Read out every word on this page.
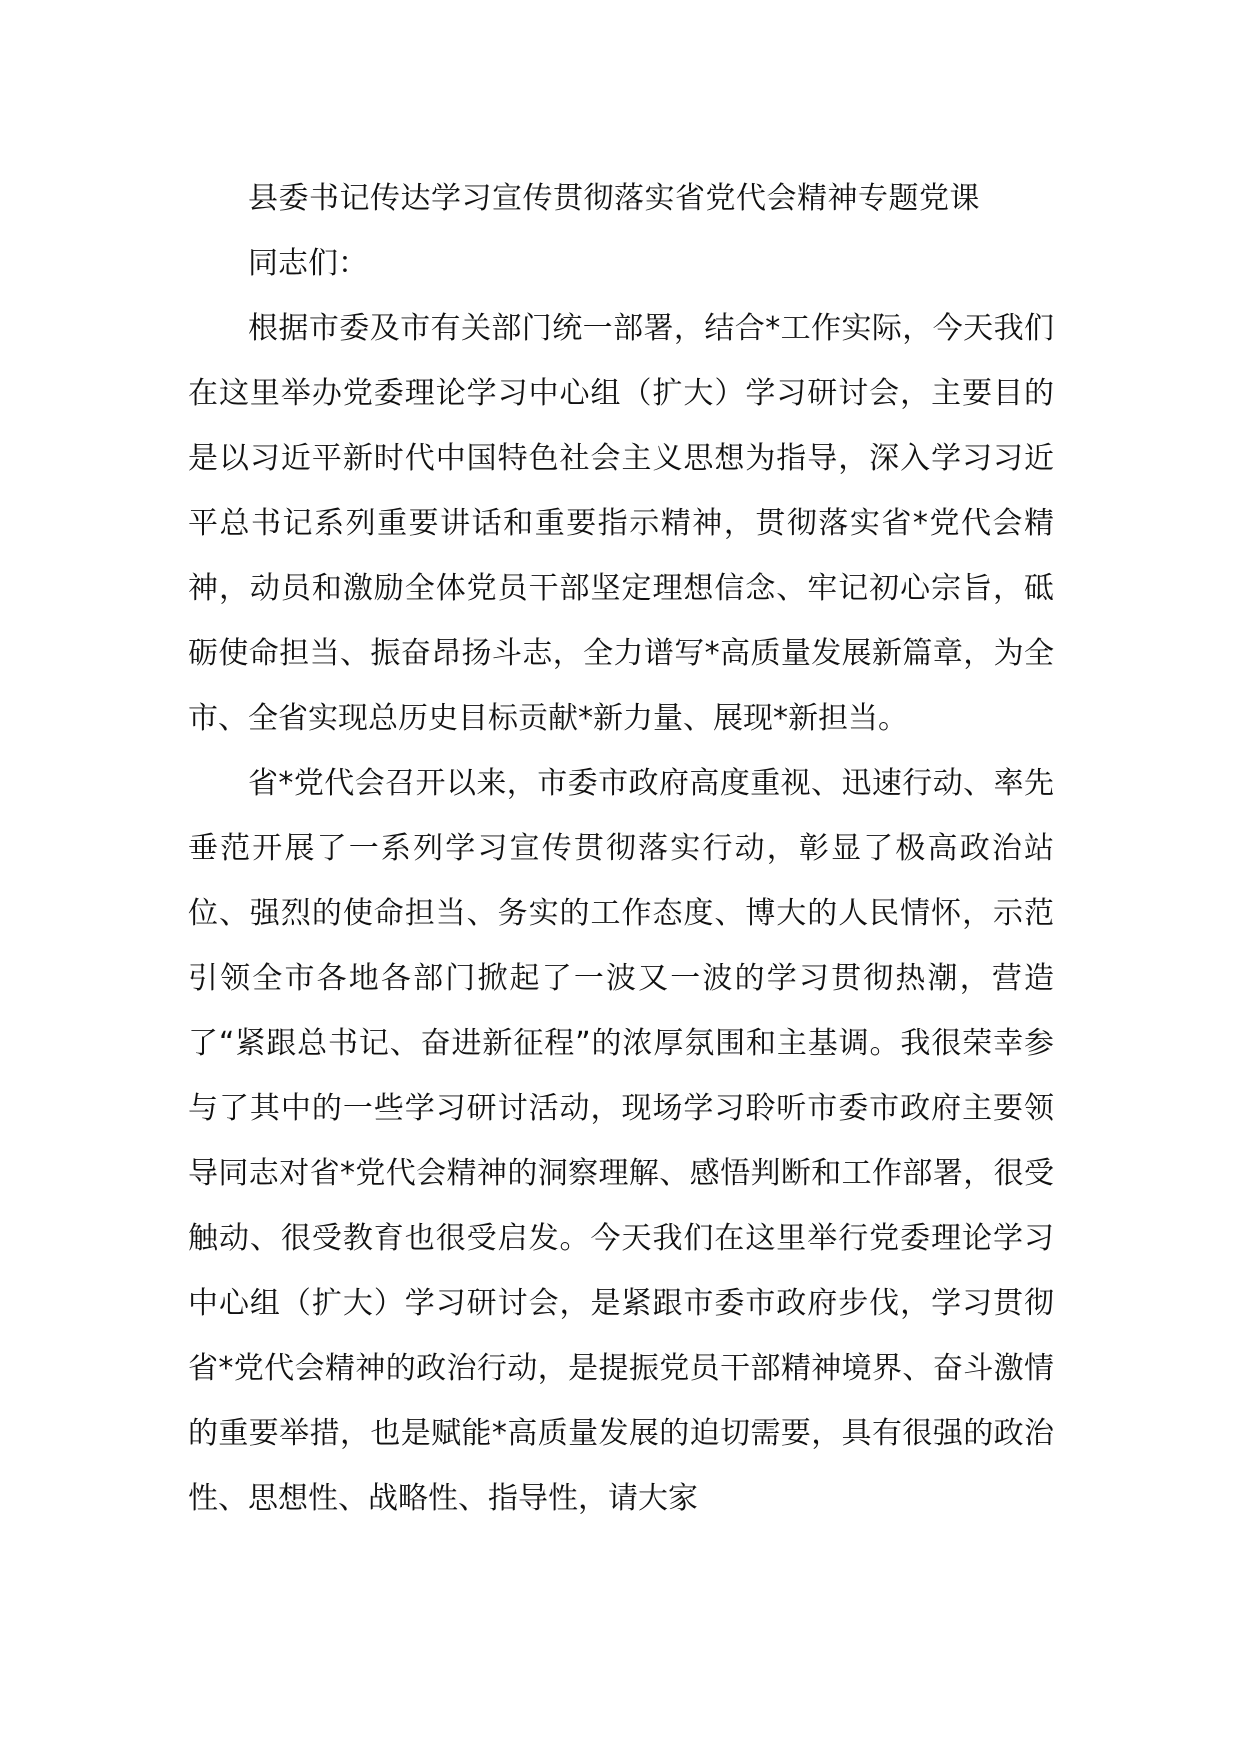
县委书记传达学习宣传贯彻落实省党代会精神专题党课

同志们：

根据市委及市有关部门统一部署，结合*工作实际，今天我们在这里举办党委理论学习中心组（扩大）学习研讨会，主要目的是以习近平新时代中国特色社会主义思想为指导，深入学习习近平总书记系列重要讲话和重要指示精神，贯彻落实省*党代会精神，动员和激励全体党员干部坚定理想信念、牢记初心宗旨，砥砺使命担当、振奋昂扬斗志，全力谱写*高质量发展新篇章，为全市、全省实现总历史目标贡献*新力量、展现*新担当。

省*党代会召开以来，市委市政府高度重视、迅速行动、率先垂范开展了一系列学习宣传贯彻落实行动，彰显了极高政治站位、强烈的使命担当、务实的工作态度、博大的人民情怀，示范引领全市各地各部门掀起了一波又一波的学习贯彻热潮，营造了“紧跟总书记、奋进新征程”的浓厚氛围和主基调。我很荣幸参与了其中的一些学习研讨活动，现场学习聆听市委市政府主要领导同志对省*党代会精神的洞察理解、感悟判断和工作部署，很受触动、很受教育也很受启发。今天我们在这里举行党委理论学习中心组（扩大）学习研讨会，是紧跟市委市政府步伐，学习贯彻省*党代会精神的政治行动，是提振党员干部精神境界、奋斗激情的重要举措，也是赋能*高质量发展的迫切需要，具有很强的政治性、思想性、战略性、指导性，请大家
